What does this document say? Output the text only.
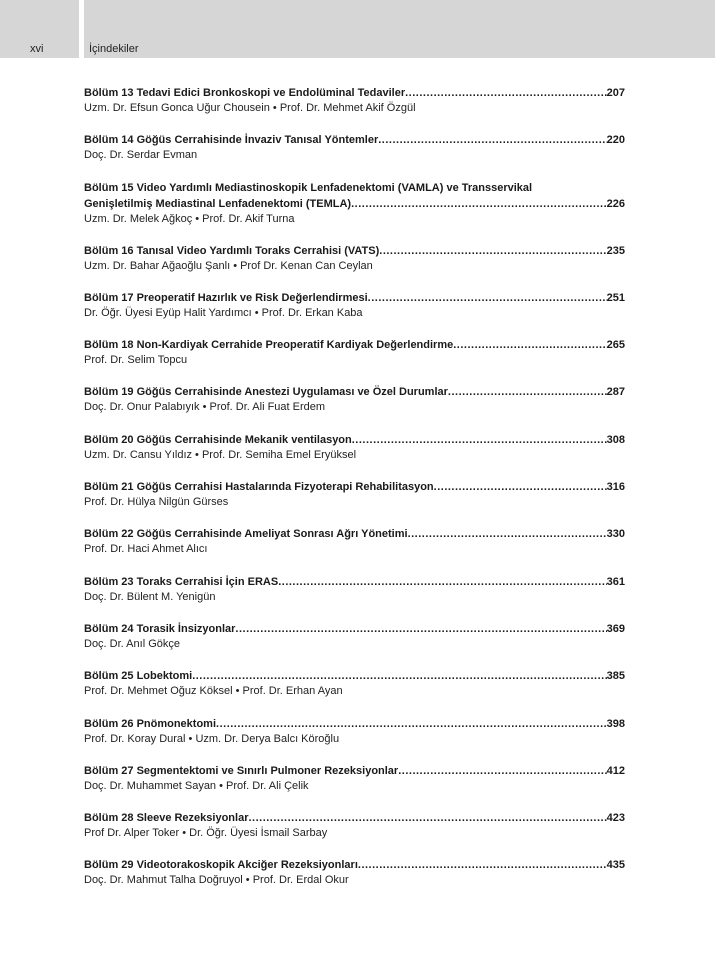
xvi	İçindekiler
Bölüm 13 Tedavi Edici Bronkoskopi ve Endolüminal Tedaviler .....	207
Uzm. Dr. Efsun Gonca Uğur Chousein • Prof. Dr. Mehmet Akif Özgül
Bölüm 14 Göğüs Cerrahisinde İnvaziv Tanısal Yöntemler .....	220
Doç. Dr. Serdar Evman
Bölüm 15 Video Yardımlı Mediastinoskopik Lenfadenektomi (VAMLA) ve Transservikal
Genişletilmiş Mediastinal Lenfadenektomi (TEMLA) .....	226
Uzm. Dr. Melek Ağkoç • Prof. Dr. Akif Turna
Bölüm 16 Tanısal Video Yardımlı Toraks Cerrahisi (VATS) .....	235
Uzm. Dr. Bahar Ağaoğlu Şanlı • Prof Dr. Kenan Can Ceylan
Bölüm 17 Preoperatif Hazırlık ve Risk Değerlendirmesi .....	251
Dr. Öğr. Üyesi Eyüp Halit Yardımcı • Prof. Dr. Erkan Kaba
Bölüm 18 Non-Kardiyak Cerrahide Preoperatif Kardiyak Değerlendirme .....	265
Prof. Dr. Selim Topcu
Bölüm 19 Göğüs Cerrahisinde Anestezi Uygulaması ve Özel Durumlar .....	287
Doç. Dr. Onur Palabıyık • Prof. Dr. Ali Fuat Erdem
Bölüm 20 Göğüs Cerrahisinde Mekanik ventilasyon .....	308
Uzm. Dr. Cansu Yıldız • Prof. Dr. Semiha Emel Eryüksel
Bölüm 21 Göğüs Cerrahisi Hastalarında Fizyoterapi Rehabilitasyon .....	316
Prof. Dr. Hülya Nilgün Gürses
Bölüm 22 Göğüs Cerrahisinde Ameliyat Sonrası Ağrı Yönetimi .....	330
Prof. Dr. Haci Ahmet Alıcı
Bölüm 23 Toraks Cerrahisi İçin ERAS .....	361
Doç. Dr. Bülent M. Yenigün
Bölüm 24 Torasik İnsizyonlar .....	369
Doç. Dr. Anıl Gökçe
Bölüm 25 Lobektomi .....	385
Prof. Dr. Mehmet Oğuz Köksel • Prof. Dr. Erhan Ayan
Bölüm 26 Pnömonektomi .....	398
Prof. Dr. Koray Dural • Uzm. Dr. Derya Balcı Köroğlu
Bölüm 27 Segmentektomi ve Sınırlı Pulmoner Rezeksiyonlar .....	412
Doç. Dr. Muhammet Sayan • Prof. Dr. Ali Çelik
Bölüm 28 Sleeve Rezeksiyonlar .....	423
Prof Dr. Alper Toker • Dr. Öğr. Üyesi İsmail Sarbay
Bölüm 29 Videotorakoskopik Akciğer Rezeksiyonları .....	435
Doç. Dr. Mahmut Talha Doğruyol • Prof. Dr. Erdal Okur
